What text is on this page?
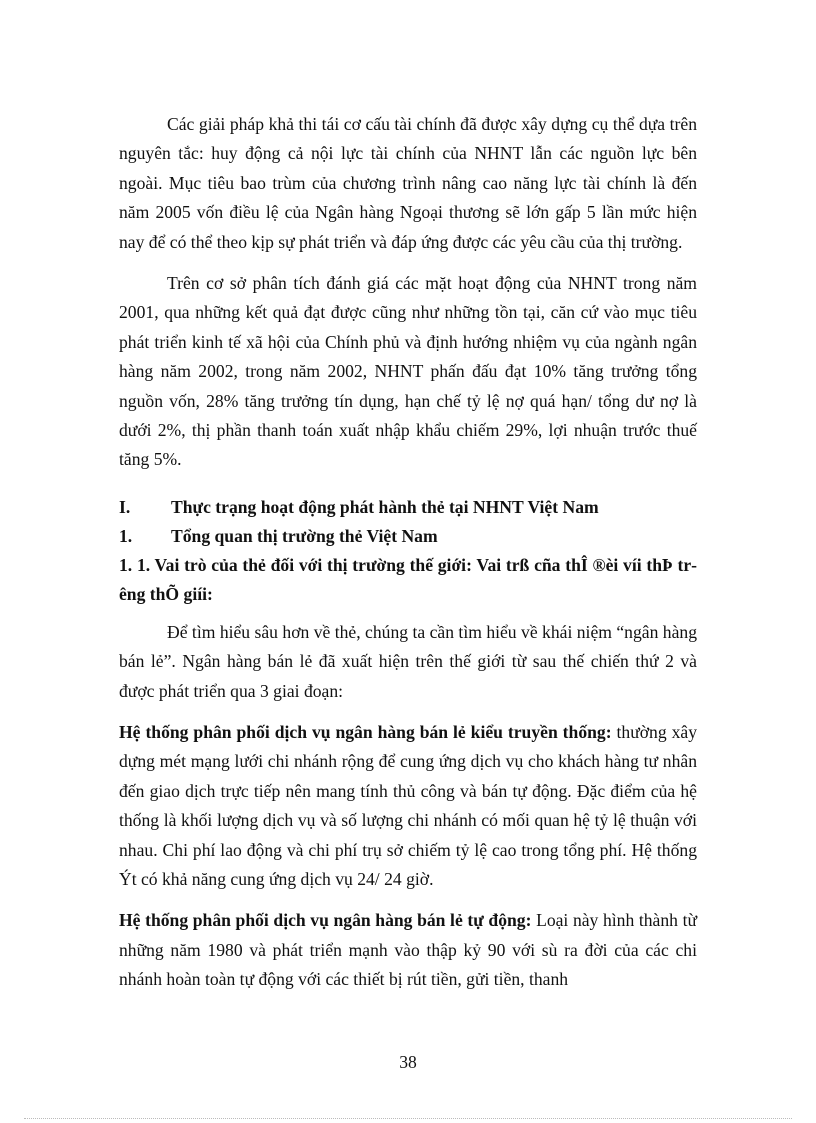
Các giải pháp khả thi tái cơ cấu tài chính đã được xây dựng cụ thể dựa trên nguyên tắc: huy động cả nội lực tài chính của NHNT lẫn các nguồn lực bên ngoài. Mục tiêu bao trùm của chương trình nâng cao năng lực tài chính là đến năm 2005 vốn điều lệ của Ngân hàng Ngoại thương sẽ lớn gấp 5 lần mức hiện nay để có thể theo kịp sự phát triển và đáp ứng được các yêu cầu của thị trường.

Trên cơ sở phân tích đánh giá các mặt hoạt động của NHNT trong năm 2001, qua những kết quả đạt được cũng như những tồn tại, căn cứ vào mục tiêu phát triển kinh tế xã hội của Chính phủ và định hướng nhiệm vụ của ngành ngân hàng năm 2002, trong năm 2002, NHNT phấn đấu đạt 10% tăng trưởng tổng nguồn vốn, 28% tăng trưởng tín dụng, hạn chế tỷ lệ nợ quá hạn/ tổng dư nợ là dưới 2%, thị phần thanh toán xuất nhập khẩu chiếm 29%, lợi nhuận trước thuế tăng 5%.

I.	Thực trạng hoạt động phát hành thẻ tại NHNT Việt Nam
1.	Tổng quan thị trường thẻ Việt Nam

1. 1. Vai trò của thẻ đối với thị trường thế giới: Vai trß cña thÎ ®èi víi thÞ trêng thÕ giíi:

Để tìm hiểu sâu hơn về thẻ, chúng ta cần tìm hiểu về khái niệm “ngân hàng bán lẻ”. Ngân hàng bán lẻ đã xuất hiện trên thế giới từ sau thế chiến thứ 2 và được phát triển qua 3 giai đoạn:

Hệ thống phân phối dịch vụ ngân hàng bán lẻ kiểu truyền thống: thường xây dựng mét mạng lưới chi nhánh rộng để cung ứng dịch vụ cho khách hàng tư nhân đến giao dịch trực tiếp nên mang tính thủ công và bán tự động. Đặc điểm của hệ thống là khối lượng dịch vụ và số lượng chi nhánh có mối quan hệ tỷ lệ thuận với nhau. Chi phí lao động và chi phí trụ sở chiếm tỷ lệ cao trong tổng phí. Hệ thống Ýt có khả năng cung ứng dịch vụ 24/ 24 giờ.

Hệ thống phân phối dịch vụ ngân hàng bán lẻ tự động: Loại này hình thành từ những năm 1980 và phát triển mạnh vào thập kỷ 90 với sù ra đời của các chi nhánh hoàn toàn tự động với các thiết bị rút tiền, gửi tiền, thanh

38
